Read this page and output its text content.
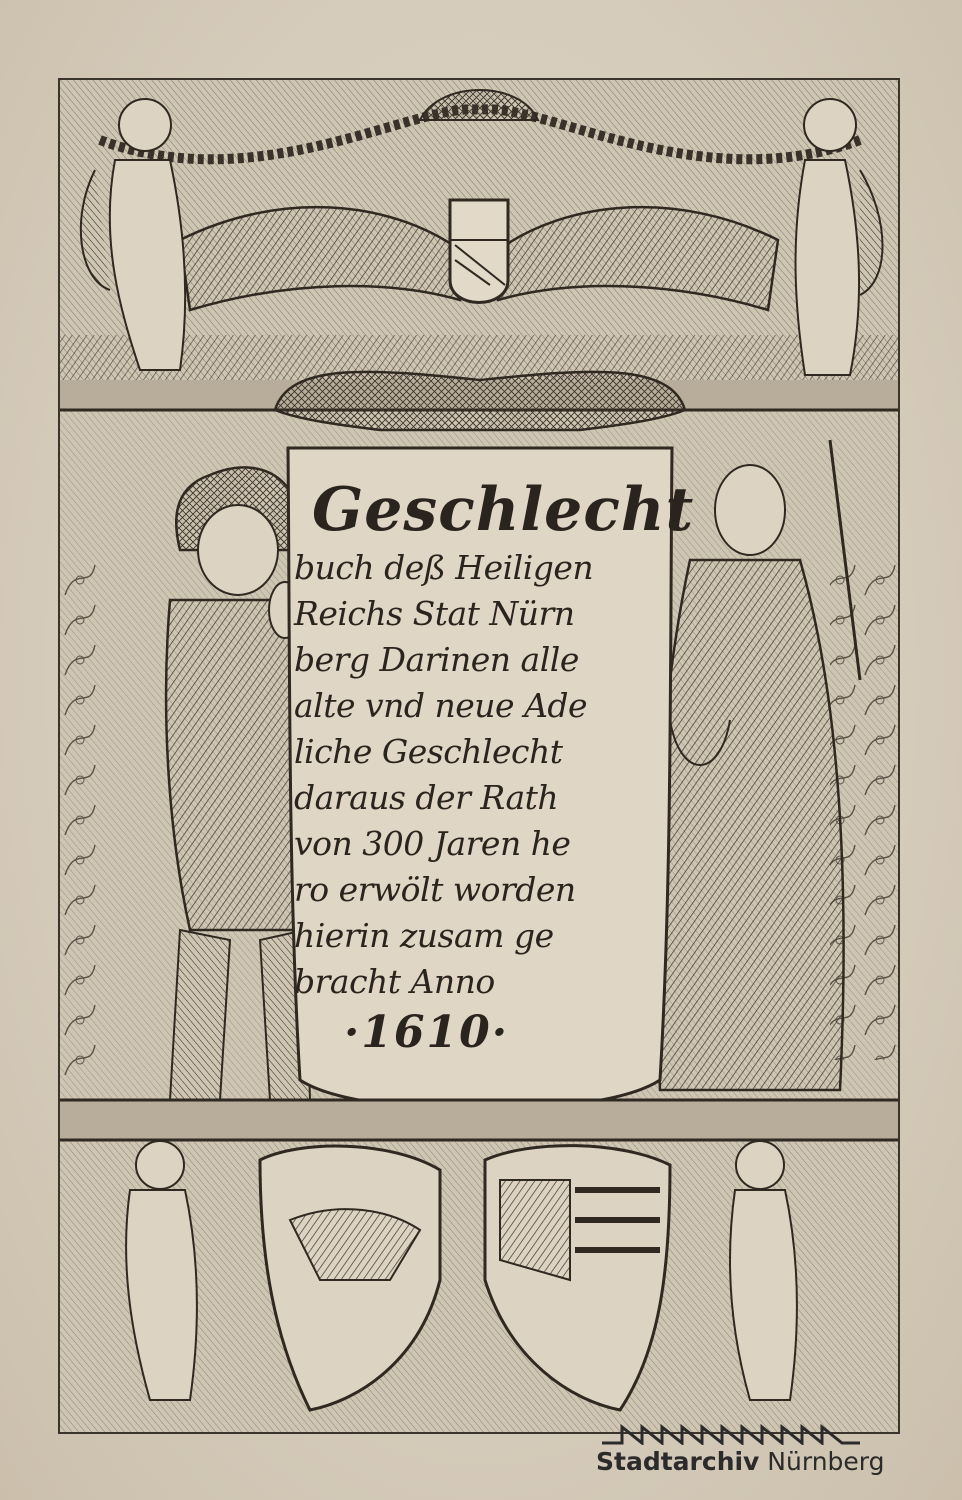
Geschlecht
buch deß Heiligen
Reichs Stat Nürn
berg Darinen alle
alte vnd neue Ade
liche Geschlecht
daraus der Rath
von 300 Jaren he
ro erwölt worden
hierin zusam ge
bracht Anno
·1610·
Stadtarchiv Nürnberg
